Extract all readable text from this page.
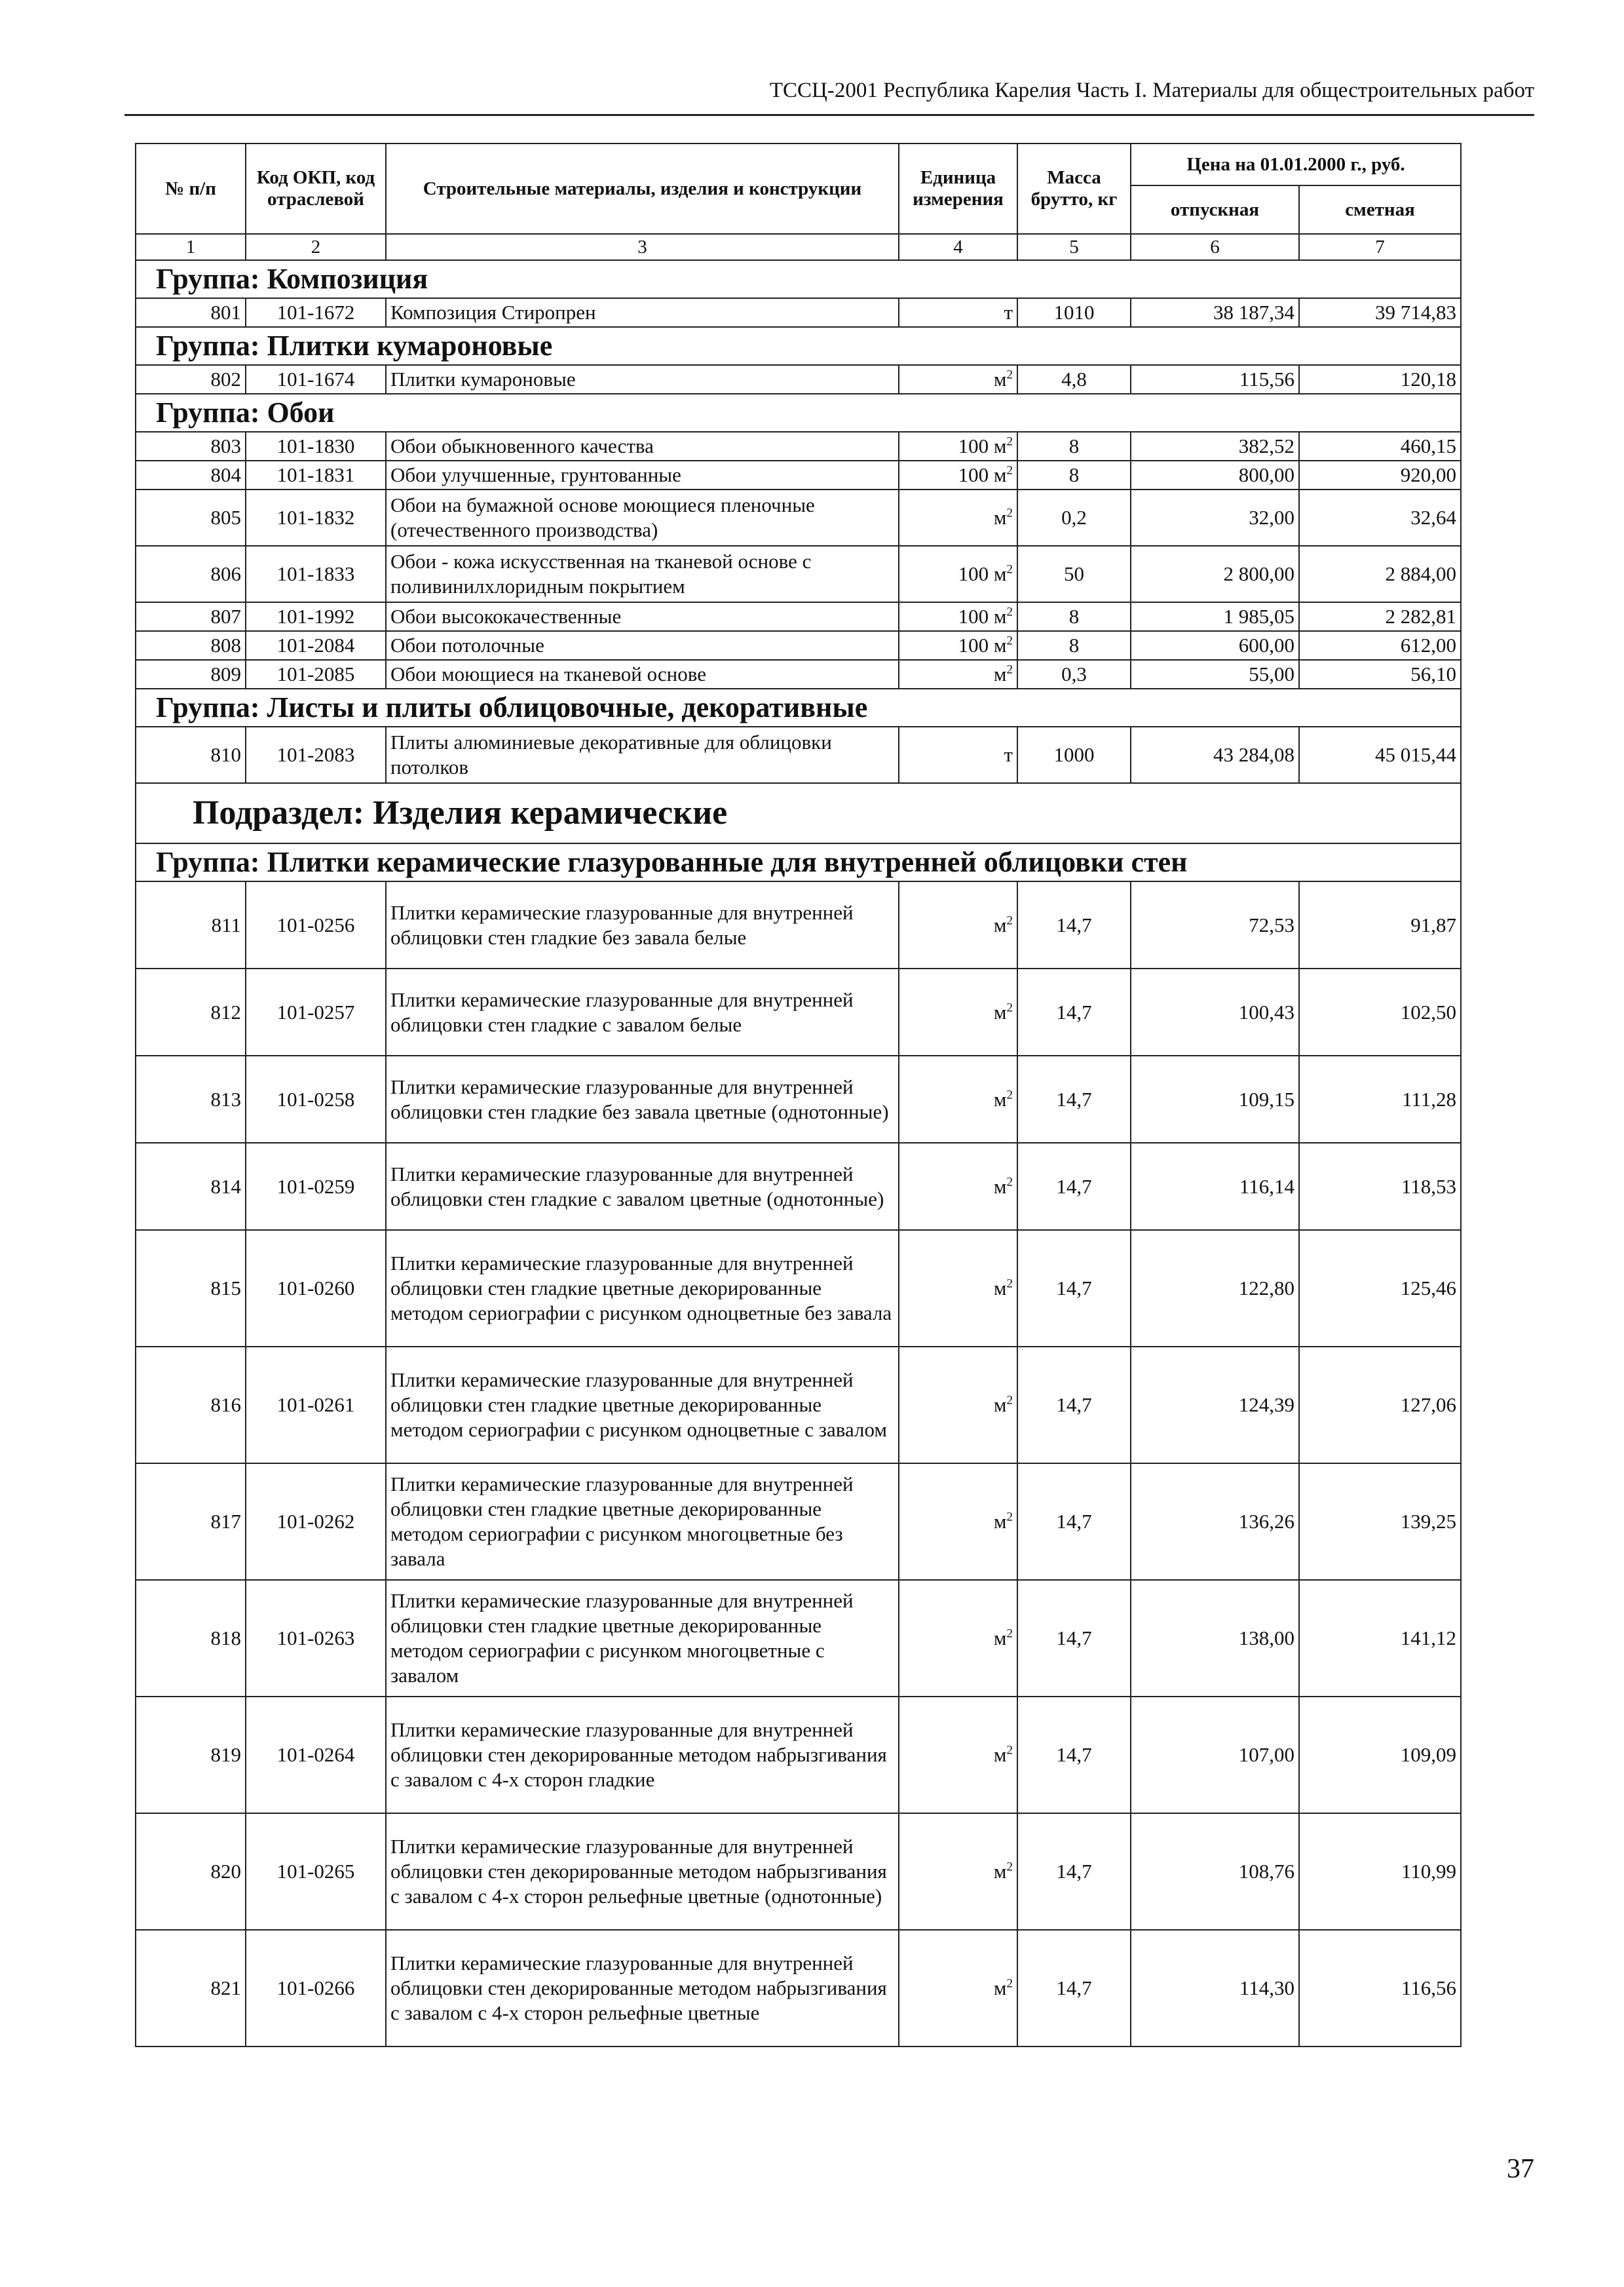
ТССЦ-2001 Республика Карелия Часть I. Материалы для общестроительных работ
№ п/п	Код ОКП, код отраслевой	Строительные материалы, изделия и конструкции	Единица измерения	Масса брутто, кг	Цена на 01.01.2000 г., руб.	
					отпускная	сметная
1	2	3	4	5	6	7
Группа: Композиция						
801	101-1672	Композиция Стиропрен	т	1010	38 187,34	39 714,83
Группа: Плитки кумароновые						
802	101-1674	Плитки кумароновые	$м^2$	4,8	115,56	120,18
Группа: Обои						
803	101-1830	Обои обыкновенного качества	100 $м^2$	8	382,52	460,15
804	101-1831	Обои улучшенные, грунтованные	100 $м^2$	8	800,00	920,00
805	101-1832	Обои на бумажной основе моющиеся пленочные (отечественного производства)	$м^2$	0,2	32,00	32,64
806	101-1833	Обои - кожа искусственная на тканевой основе с поливинилхлоридным покрытием	100 $м^2$	50	2 800,00	2 884,00
807	101-1992	Обои высококачественные	100 $м^2$	8	1 985,05	2 282,81
808	101-2084	Обои потолочные	100 $м^2$	8	600,00	612,00
809	101-2085	Обои моющиеся на тканевой основе	$м^2$	0,3	55,00	56,10
Группа: Листы и плиты облицовочные, декоративные						
810	101-2083	Плиты алюминиевые декоративные для облицовки потолков	т	1000	43 284,08	45 015,44
Подраздел: Изделия керамические						
Группа: Плитки керамические глазурованные для внутренней облицовки стен						
811	101-0256	Плитки керамические глазурованные для внутренней облицовки стен гладкие без завала белые	$м^2$	14,7	72,53	91,87
812	101-0257	Плитки керамические глазурованные для внутренней облицовки стен гладкие с завалом белые	$м^2$	14,7	100,43	102,50
813	101-0258	Плитки керамические глазурованные для внутренней облицовки стен гладкие без завала цветные (однотонные)	$м^2$	14,7	109,15	111,28
814	101-0259	Плитки керамические глазурованные для внутренней облицовки стен гладкие с завалом цветные (однотонные)	$м^2$	14,7	116,14	118,53
815	101-0260	Плитки керамические глазурованные для внутренней облицовки стен гладкие цветные декорированные методом сериографии с рисунком одноцветные без завала	$м^2$	14,7	122,80	125,46
816	101-0261	Плитки керамические глазурованные для внутренней облицовки стен гладкие цветные декорированные методом сериографии с рисунком одноцветные с завалом	$м^2$	14,7	124,39	127,06
817	101-0262	Плитки керамические глазурованные для внутренней облицовки стен гладкие цветные декорированные методом сериографии с рисунком многоцветные без завала	$м^2$	14,7	136,26	139,25
818	101-0263	Плитки керамические глазурованные для внутренней облицовки стен гладкие цветные декорированные методом сериографии с рисунком многоцветные с завалом	$м^2$	14,7	138,00	141,12
819	101-0264	Плитки керамические глазурованные для внутренней облицовки стен декорированные методом набрызгивания с завалом с 4-х сторон гладкие	$м^2$	14,7	107,00	109,09
820	101-0265	Плитки керамические глазурованные для внутренней облицовки стен декорированные методом набрызгивания с завалом с 4-х сторон рельефные цветные (однотонные)	$м^2$	14,7	108,76	110,99
821	101-0266	Плитки керамические глазурованные для внутренней облицовки стен декорированные методом набрызгивания с завалом с 4-х сторон рельефные цветные	$м^2$	14,7	114,30	116,56
37
